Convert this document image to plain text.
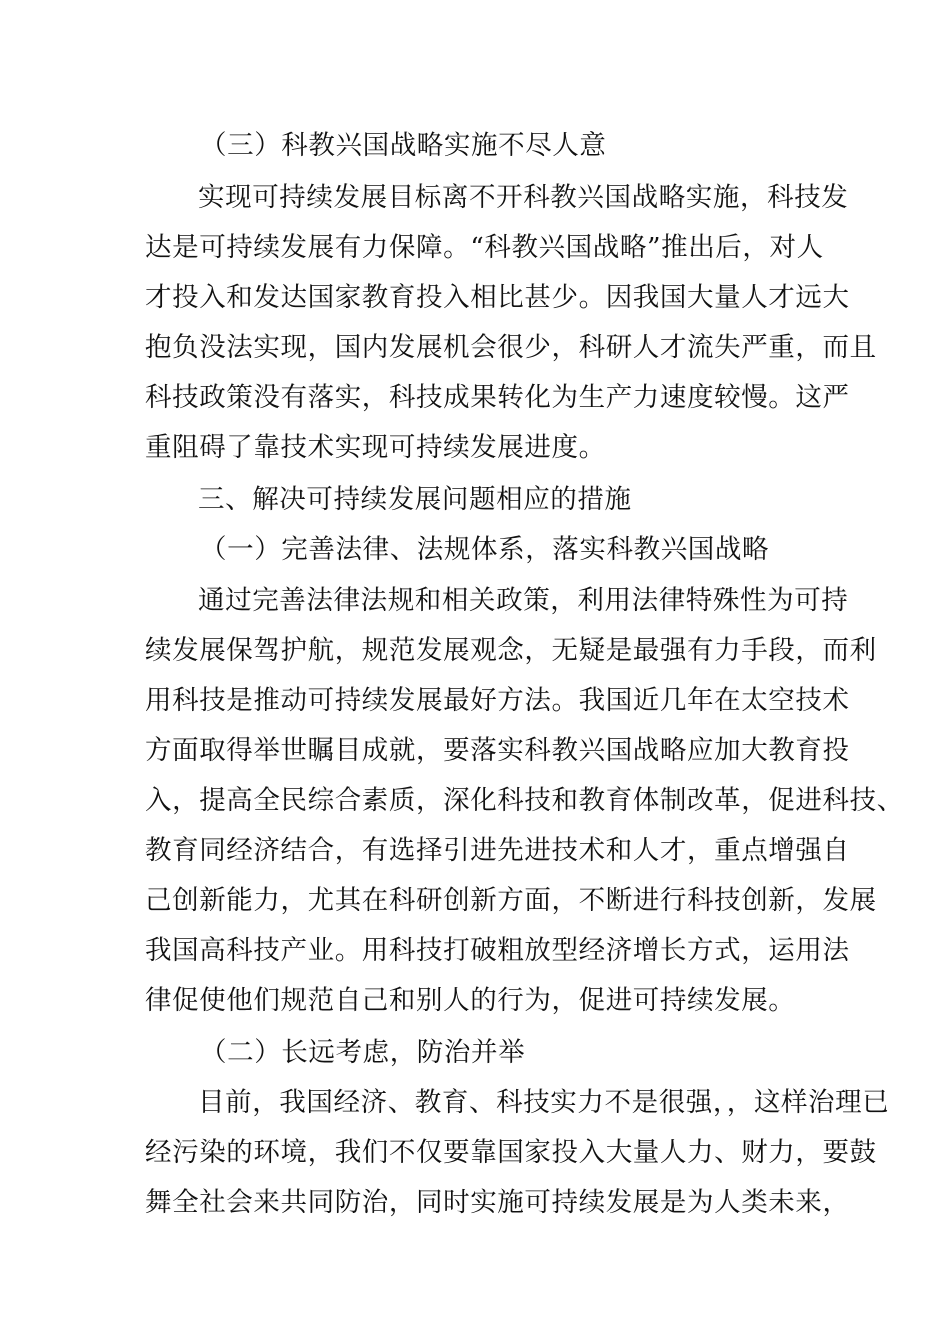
（三）科教兴国战略实施不尽人意

实现可持续发展目标离不开科教兴国战略实施，科技发

达是可持续发展有力保障。“科教兴国战略”推出后，对人

才投入和发达国家教育投入相比甚少。因我国大量人才远大

抱负没法实现，国内发展机会很少，科研人才流失严重，而且

科技政策没有落实，科技成果转化为生产力速度较慢。这严

重阻碍了靠技术实现可持续发展进度。

三、解决可持续发展问题相应的措施

（一）完善法律、法规体系，落实科教兴国战略

通过完善法律法规和相关政策，利用法律特殊性为可持

续发展保驾护航，规范发展观念，无疑是最强有力手段，而利

用科技是推动可持续发展最好方法。我国近几年在太空技术

方面取得举世瞩目成就，要落实科教兴国战略应加大教育投

入，提高全民综合素质，深化科技和教育体制改革，促进科技、

教育同经济结合，有选择引进先进技术和人才，重点增强自

己创新能力，尤其在科研创新方面，不断进行科技创新，发展

我国高科技产业。用科技打破粗放型经济增长方式，运用法

律促使他们规范自己和别人的行为，促进可持续发展。

（二）长远考虑，防治并举

目前，我国经济、教育、科技实力不是很强，，这样治理已

经污染的环境，我们不仅要靠国家投入大量人力、财力，要鼓

舞全社会来共同防治，同时实施可持续发展是为人类未来，
